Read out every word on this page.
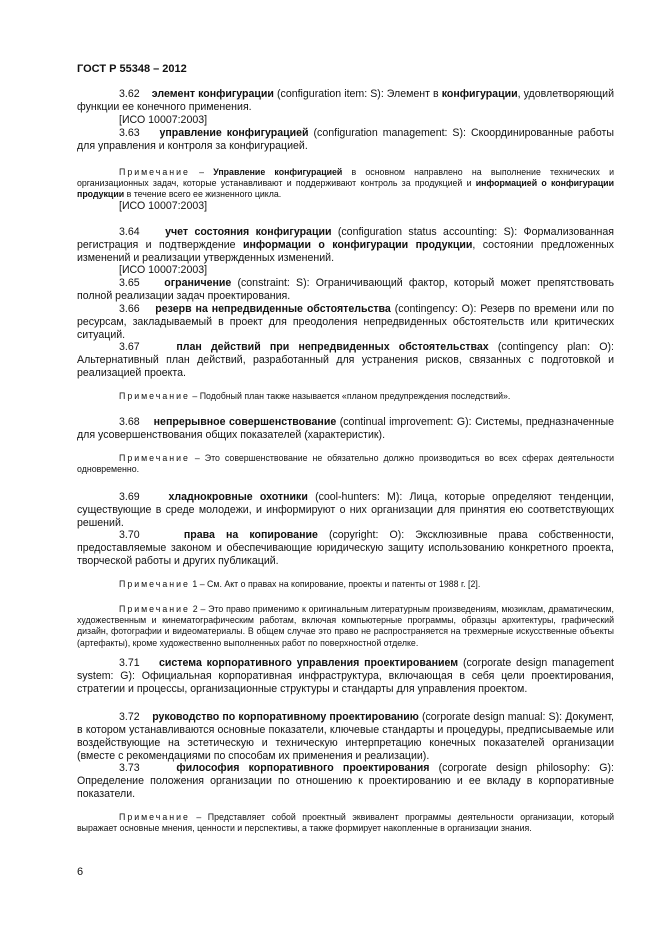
ГОСТ Р 55348 – 2012

3.62 элемент конфигурации (configuration item: S): Элемент в конфигурации, удовлетворяющий функции ее конечного применения.

[ИСО 10007:2003]

3.63 управление конфигурацией (configuration management: S): Скоординированные работы для управления и контроля за конфигурацией.

Примечание – Управление конфигурацией в основном направлено на выполнение технических и организационных задач, которые устанавливают и поддерживают контроль за продукцией и информацией о конфигурации продукции в течение всего ее жизненного цикла.

[ИСО 10007:2003]

3.64 учет состояния конфигурации (configuration status accounting: S): Формализованная регистрация и подтверждение информации о конфигурации продукции, состоянии предложенных изменений и реализации утвержденных изменений.

[ИСО 10007:2003]

3.65 ограничение (constraint: S): Ограничивающий фактор, который может препятствовать полной реализации задач проектирования.

3.66 резерв на непредвиденные обстоятельства (contingency: O): Резерв по времени или по ресурсам, закладываемый в проект для преодоления непредвиденных обстоятельств или критических ситуаций.

3.67	план действий при непредвиденных обстоятельствах (contingency plan: O): Альтернативный план действий, разработанный для устранения рисков, связанных с подготовкой и реализацией проекта.

Примечание – Подобный план также называется «планом предупреждения последствий».

3.68 непрерывное совершенствование (continual improvement: G): Системы, предназначенные для усовершенствования общих показателей (характеристик).

Примечание – Это совершенствование не обязательно должно производиться во всех сферах деятельности одновременно.

3.69	хладнокровные охотники (cool-hunters: M): Лица, которые определяют тенденции, существующие в среде молодежи, и информируют о них организации для принятия ею соответствующих решений.

3.70	права на копирование (copyright: O): Эксклюзивные права собственности, предоставляемые законом и обеспечивающие юридическую защиту использованию конкретного проекта, творческой работы и других публикаций.

Примечание 1 – См. Акт о правах на копирование, проекты и патенты от 1988 г. [2].

Примечание 2 – Это право применимо к оригинальным литературным произведениям, мюзиклам, драматическим, художественным и кинематографическим работам, включая компьютерные программы, образцы архитектуры, графический дизайн, фотографии и видеоматериалы. В общем случае это право не распространяется на трехмерные искусственные объекты (артефакты), кроме художественно выполненных работ по поверхностной отделке.

3.71 система корпоративного управления проектированием (corporate design management system: G): Официальная корпоративная инфраструктура, включающая в себя цели проектирования, стратегии и процессы, организационные структуры и стандарты для управления проектом.

3.72 руководство по корпоративному проектированию (corporate design manual: S): Документ, в котором устанавливаются основные показатели, ключевые стандарты и процедуры, предписываемые или воздействующие на эстетическую и техническую интерпретацию конечных показателей организации (вместе с рекомендациями по способам их применения и реализации).

3.73	философия корпоративного проектирования (corporate design philosophy: G): Определение положения организации по отношению к проектированию и ее вкладу в корпоративные показатели.

Примечание – Представляет собой проектный эквивалент программы деятельности организации, который выражает основные мнения, ценности и перспективы, а также формирует накопленные в организации знания.

6
